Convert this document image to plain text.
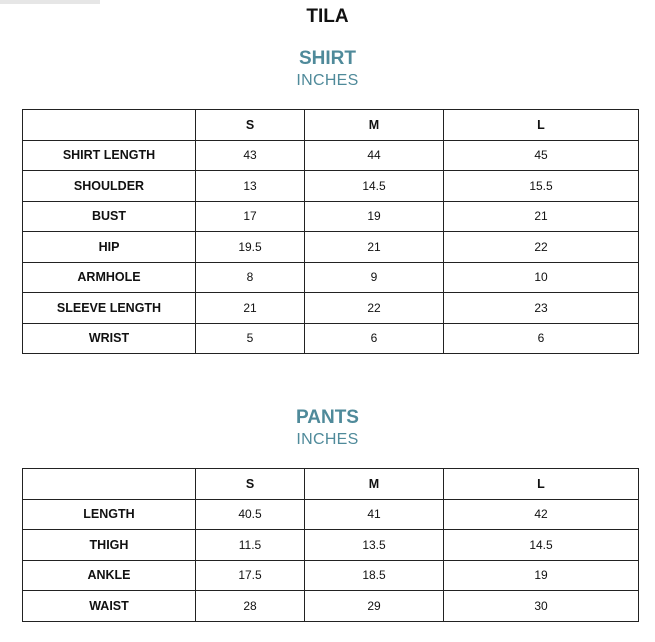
TILA
SHIRT
INCHES
	S	M	L
SHIRT LENGTH	43	44	45
SHOULDER	13	14.5	15.5
BUST	17	19	21
HIP	19.5	21	22
ARMHOLE	8	9	10
SLEEVE LENGTH	21	22	23
WRIST	5	6	6
PANTS
INCHES
	S	M	L
LENGTH	40.5	41	42
THIGH	11.5	13.5	14.5
ANKLE	17.5	18.5	19
WAIST	28	29	30
